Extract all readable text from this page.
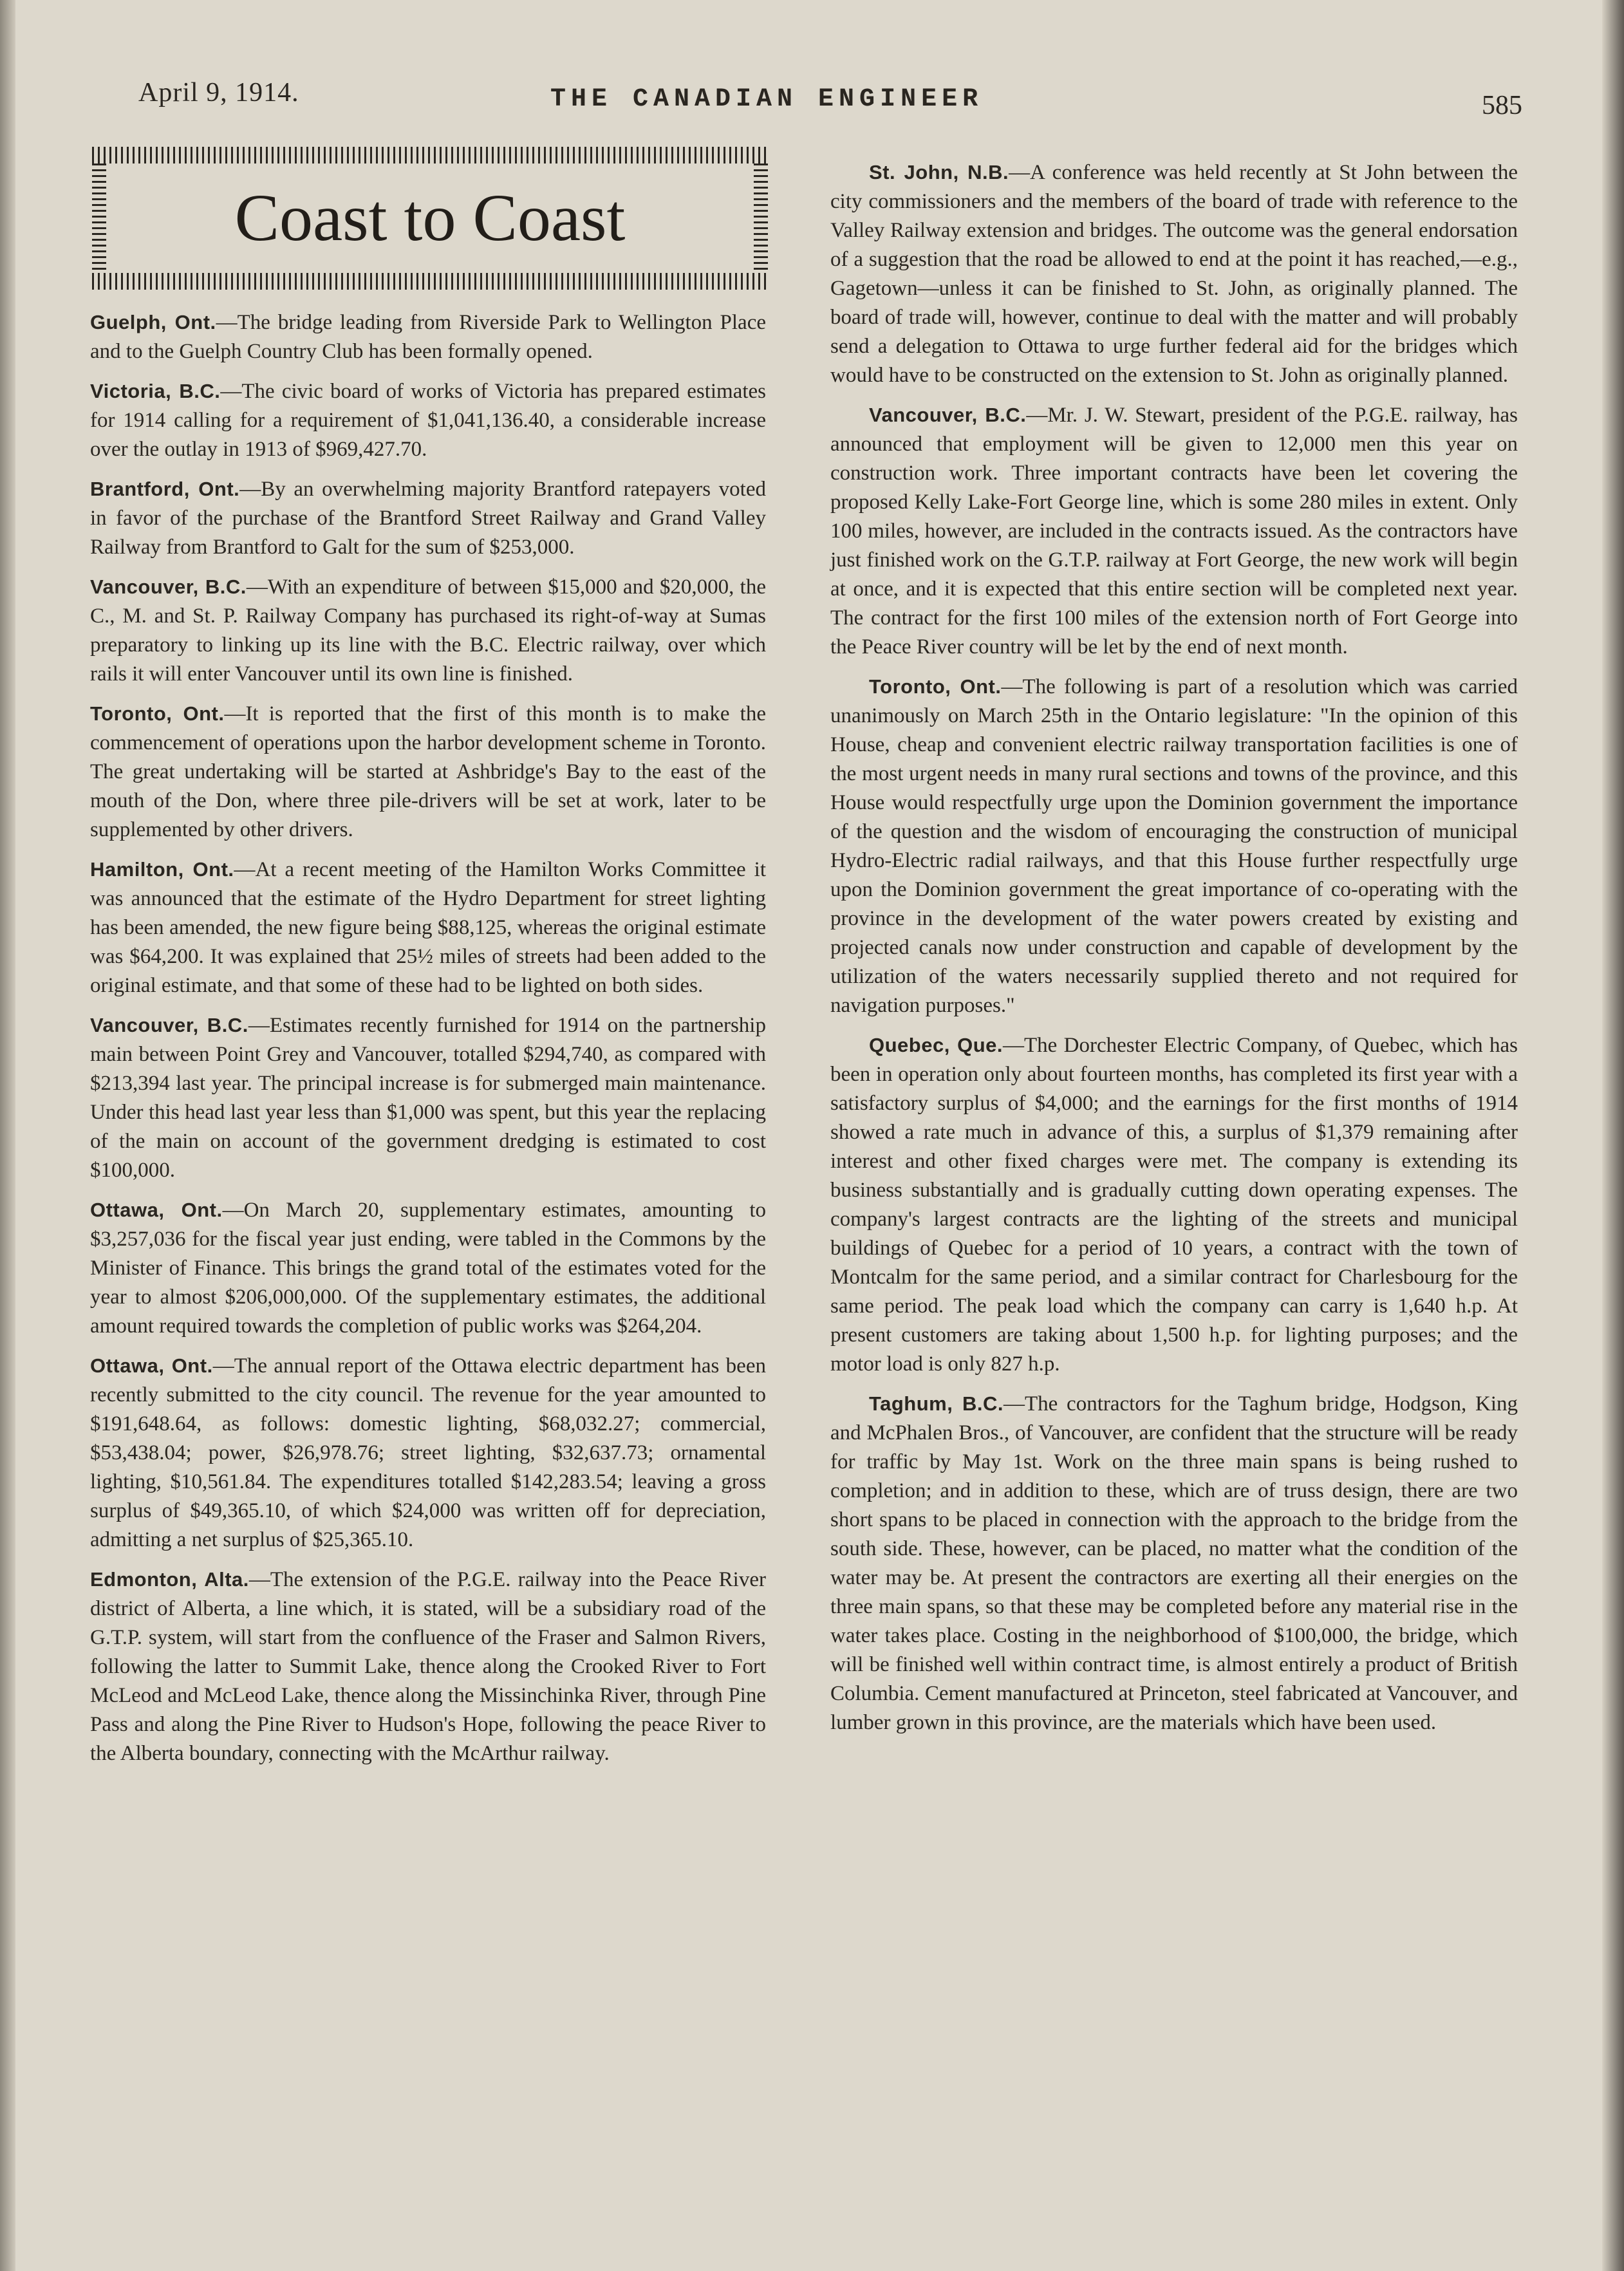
April 9, 1914.	THE CANADIAN ENGINEER	585
Coast to Coast

Guelph, Ont.—The bridge leading from Riverside Park to Wellington Place and to the Guelph Country Club has been formally opened.

Victoria, B.C.—The civic board of works of Victoria has prepared estimates for 1914 calling for a requirement of $1,041,136.40, a considerable increase over the outlay in 1913 of $969,427.70.

Brantford, Ont.—By an overwhelming majority Brantford ratepayers voted in favor of the purchase of the Brantford Street Railway and Grand Valley Railway from Brantford to Galt for the sum of $253,000.

Vancouver, B.C.—With an expenditure of between $15,000 and $20,000, the C., M. and St. P. Railway Company has purchased its right-of-way at Sumas preparatory to linking up its line with the B.C. Electric railway, over which rails it will enter Vancouver until its own line is finished.

Toronto, Ont.—It is reported that the first of this month is to make the commencement of operations upon the harbor development scheme in Toronto. The great undertaking will be started at Ashbridge's Bay to the east of the mouth of the Don, where three pile-drivers will be set at work, later to be supplemented by other drivers.

Hamilton, Ont.—At a recent meeting of the Hamilton Works Committee it was announced that the estimate of the Hydro Department for street lighting has been amended, the new figure being $88,125, whereas the original estimate was $64,200. It was explained that 25½ miles of streets had been added to the original estimate, and that some of these had to be lighted on both sides.

Vancouver, B.C.—Estimates recently furnished for 1914 on the partnership main between Point Grey and Vancouver, totalled $294,740, as compared with $213,394 last year. The principal increase is for submerged main maintenance. Under this head last year less than $1,000 was spent, but this year the replacing of the main on account of the government dredging is estimated to cost $100,000.

Ottawa, Ont.—On March 20, supplementary estimates, amounting to $3,257,036 for the fiscal year just ending, were tabled in the Commons by the Minister of Finance. This brings the grand total of the estimates voted for the year to almost $206,000,000. Of the supplementary estimates, the additional amount required towards the completion of public works was $264,204.

Ottawa, Ont.—The annual report of the Ottawa electric department has been recently submitted to the city council. The revenue for the year amounted to $191,648.64, as follows: domestic lighting, $68,032.27; commercial, $53,438.04; power, $26,978.76; street lighting, $32,637.73; ornamental lighting, $10,561.84. The expenditures totalled $142,283.54; leaving a gross surplus of $49,365.10, of which $24,000 was written off for depreciation, admitting a net surplus of $25,365.10.

Edmonton, Alta.—The extension of the P.G.E. railway into the Peace River district of Alberta, a line which, it is stated, will be a subsidiary road of the G.T.P. system, will start from the confluence of the Fraser and Salmon Rivers, following the latter to Summit Lake, thence along the Crooked River to Fort McLeod and McLeod Lake, thence along the Missinchinka River, through Pine Pass and along the Pine River to Hudson's Hope, following the peace River to the Alberta boundary, connecting with the McArthur railway.

St. John, N.B.—A conference was held recently at St John between the city commissioners and the members of the board of trade with reference to the Valley Railway extension and bridges. The outcome was the general endorsation of a suggestion that the road be allowed to end at the point it has reached,—e.g., Gagetown—unless it can be finished to St. John, as originally planned. The board of trade will, however, continue to deal with the matter and will probably send a delegation to Ottawa to urge further federal aid for the bridges which would have to be constructed on the extension to St. John as originally planned.

Vancouver, B.C.—Mr. J. W. Stewart, president of the P.G.E. railway, has announced that employment will be given to 12,000 men this year on construction work. Three important contracts have been let covering the proposed Kelly Lake-Fort George line, which is some 280 miles in extent. Only 100 miles, however, are included in the contracts issued. As the contractors have just finished work on the G.T.P. railway at Fort George, the new work will begin at once, and it is expected that this entire section will be completed next year. The contract for the first 100 miles of the extension north of Fort George into the Peace River country will be let by the end of next month.

Toronto, Ont.—The following is part of a resolution which was carried unanimously on March 25th in the Ontario legislature: "In the opinion of this House, cheap and convenient electric railway transportation facilities is one of the most urgent needs in many rural sections and towns of the province, and this House would respectfully urge upon the Dominion government the importance of the question and the wisdom of encouraging the construction of municipal Hydro-Electric radial railways, and that this House further respectfully urge upon the Dominion government the great importance of co-operating with the province in the development of the water powers created by existing and projected canals now under construction and capable of development by the utilization of the waters necessarily supplied thereto and not required for navigation purposes."

Quebec, Que.—The Dorchester Electric Company, of Quebec, which has been in operation only about fourteen months, has completed its first year with a satisfactory surplus of $4,000; and the earnings for the first months of 1914 showed a rate much in advance of this, a surplus of $1,379 remaining after interest and other fixed charges were met. The company is extending its business substantially and is gradually cutting down operating expenses. The company's largest contracts are the lighting of the streets and municipal buildings of Quebec for a period of 10 years, a contract with the town of Montcalm for the same period, and a similar contract for Charlesbourg for the same period. The peak load which the company can carry is 1,640 h.p. At present customers are taking about 1,500 h.p. for lighting purposes; and the motor load is only 827 h.p.

Taghum, B.C.—The contractors for the Taghum bridge, Hodgson, King and McPhalen Bros., of Vancouver, are confident that the structure will be ready for traffic by May 1st. Work on the three main spans is being rushed to completion; and in addition to these, which are of truss design, there are two short spans to be placed in connection with the approach to the bridge from the south side. These, however, can be placed, no matter what the condition of the water may be. At present the contractors are exerting all their energies on the three main spans, so that these may be completed before any material rise in the water takes place. Costing in the neighborhood of $100,000, the bridge, which will be finished well within contract time, is almost entirely a product of British Columbia. Cement manufactured at Princeton, steel fabricated at Vancouver, and lumber grown in this province, are the materials which have been used.
